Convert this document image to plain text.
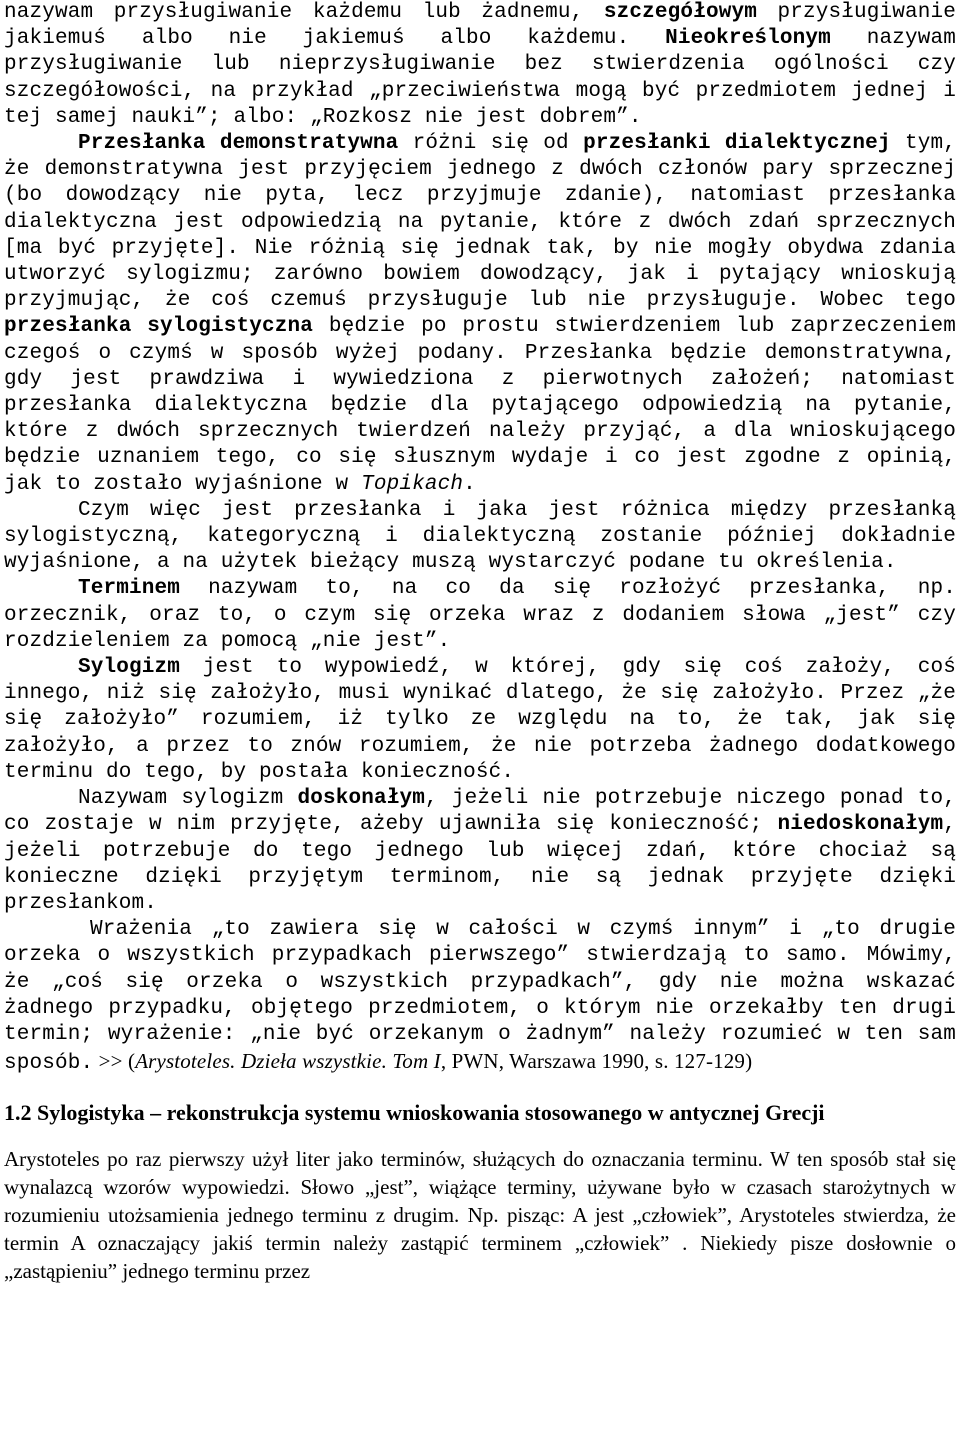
nazywam przysługiwanie każdemu lub żadnemu, szczegółowym przysługiwanie jakiemuś albo nie jakiemuś albo każdemu. Nieokreślonym nazywam przysługiwanie lub nieprzysługiwanie bez stwierdzenia ogólności czy szczegółowości, na przykład „przeciwieństwa mogą być przedmiotem jednej i tej samej nauki”; albo: „Rozkosz nie jest dobrem”.

Przesłanka demonstratywna różni się od przesłanki dialektycznej tym, że demonstratywna jest przyjęciem jednego z dwóch członów pary sprzecznej (bo dowodzący nie pyta, lecz przyjmuje zdanie), natomiast przesłanka dialektyczna jest odpowiedzią na pytanie, które z dwóch zdań sprzecznych [ma być przyjęte]. Nie różnią się jednak tak, by nie mogły obydwa zdania utworzyć sylogizmu; zarówno bowiem dowodzący, jak i pytający wnioskują przyjmując, że coś czemuś przysługuje lub nie przysługuje. Wobec tego przesłanka sylogistyczna będzie po prostu stwierdzeniem lub zaprzeczeniem czegoś o czymś w sposób wyżej podany. Przesłanka będzie demonstratywna, gdy jest prawdziwa i wywiedziona z pierwotnych założeń; natomiast przesłanka dialektyczna będzie dla pytającego odpowiedzią na pytanie, które z dwóch sprzecznych twierdzeń należy przyjąć, a dla wnioskującego będzie uznaniem tego, co się słusznym wydaje i co jest zgodne z opinią, jak to zostało wyjaśnione w Topikach.

Czym więc jest przesłanka i jaka jest różnica między przesłanką sylogistyczną, kategoryczną i dialektyczną zostanie później dokładnie wyjaśnione, a na użytek bieżący muszą wystarczyć podane tu określenia.

Terminem nazywam to, na co da się rozłożyć przesłanka, np. orzecznik, oraz to, o czym się orzeka wraz z dodaniem słowa „jest” czy rozdzieleniem za pomocą „nie jest”.

Sylogizm jest to wypowiedź, w której, gdy się coś założy, coś innego, niż się założyło, musi wynikać dlatego, że się założyło. Przez „że się założyło” rozumiem, iż tylko ze względu na to, że tak, jak się założyło, a przez to znów rozumiem, że nie potrzeba żadnego dodatkowego terminu do tego, by postała konieczność.

Nazywam sylogizm doskonałym, jeżeli nie potrzebuje niczego ponad to, co zostaje w nim przyjęte, ażeby ujawniła się konieczność; niedoskonałym, jeżeli potrzebuje do tego jednego lub więcej zdań, które chociaż są konieczne dzięki przyjętym terminom, nie są jednak przyjęte dzięki przesłankom.

Wrażenia „to zawiera się w całości w czymś innym” i „to drugie orzeka o wszystkich przypadkach pierwszego” stwierdzają to samo. Mówimy, że „coś się orzeka o wszystkich przypadkach”, gdy nie można wskazać żadnego przypadku, objętego przedmiotem, o którym nie orzekałby ten drugi termin; wyrażenie: „nie być orzekanym o żadnym” należy rozumieć w ten sam sposób. >> (Arystoteles. Dzieła wszystkie. Tom I, PWN, Warszawa 1990, s. 127-129)

1.2 Sylogistyka – rekonstrukcja systemu wnioskowania stosowanego w antycznej Grecji

Arystoteles po raz pierwszy użył liter jako terminów, służących do oznaczania terminu. W ten sposób stał się wynalazcą wzorów wypowiedzi. Słowo „jest”, wiążące terminy, używane było w czasach starożytnych w rozumieniu utożsamienia jednego terminu z drugim. Np. pisząc: A jest „człowiek”, Arystoteles stwierdza, że termin A oznaczający jakiś termin należy zastąpić terminem „człowiek” . Niekiedy pisze dosłownie o „zastąpieniu” jednego terminu przez
